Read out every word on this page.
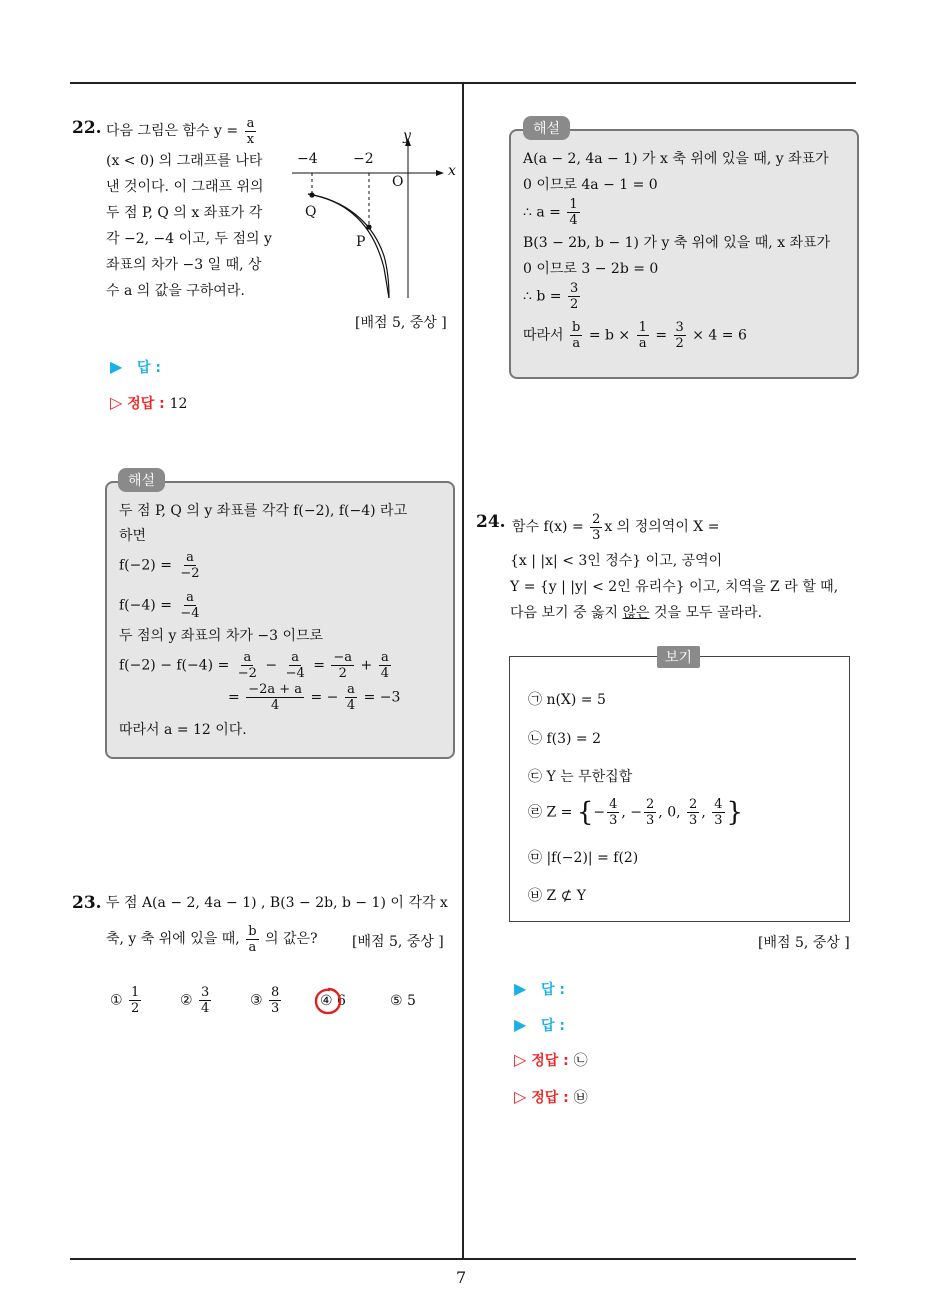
7
22. 다음 그림은 함수 $y = \frac{a}{x}$
(x < 0) 의 그래프를 나타
낸 것이다. 이 그래프 위의
두 점 P, Q 의 x 좌표가 각
각 −2, −4 이고, 두 점의 y
좌표의 차가 −3 일 때, 상
수 a 의 값을 구하여라.
y
x
−4	−2
O
Q
P
[배점 5, 중상 ]
▶ 답 :
▷ 정답 : 12
해설
두 점 P, Q 의 y 좌표를 각각 f(−2), f(−4) 라고
하면
$f(-2) = \frac{a}{-2}$
$f(-4) = \frac{a}{-4}$
두 점의 y 좌표의 차가 −3 이므로
$f(-2) - f(-4) = \frac{a}{-2} - \frac{a}{-4} = \frac{-a}{2} + \frac{a}{4}$
= $\frac{-2a + a}{4}$ = − $\frac{a}{4} = -3$
따라서 a = 12 이다.
23. 두 점 A(a − 2, 4a − 1) , B(3 − 2b, b − 1) 이 각각 x
축, y 축 위에 있을 때, $\frac{b}{a}$ 의 값은? [배점 5, 중상 ]
① $\frac{1}{2}$	② $\frac{3}{4}$	③ $\frac{8}{3}$	④ 6	⑤ 5
해설
A(a − 2, 4a − 1) 가 x 축 위에 있을 때, y 좌표가
0 이므로 4a − 1 = 0
∴ $a = \frac{1}{4}$
B(3 − 2b, b − 1) 가 y 축 위에 있을 때, x 좌표가
0 이므로 3 − 2b = 0
∴ $b = \frac{3}{2}$
따라서 $\frac{b}{a} = b \times \frac{1}{a} = \frac{3}{2} \times 4 = 6$
24. 함수 $f(x) = \frac{2}{3}$ x 의 정의역이 X =
{x | |x| < 3인 정수} 이고, 공역이
Y = {y | |y| < 2인 유리수} 이고, 치역을 Z 라 할 때,
다음 보기 중 옳지 않은 것을 모두 골라라.
㉠ n(X) = 5
㉡ f(3) = 2
㉢ Y 는 무한집합
㉣ Z = {− $\frac{4}{3}$ , − $\frac{2}{3}$ , 0, $\frac{2}{3}$ , $\frac{4}{3}$ }
㉤ |f(−2)| = f(2)
㉥ Z ⊄ Y
보기
[배점 5, 중상 ]
▶ 답 :
▶ 답 :
▷ 정답 : ㉡
▷ 정답 : ㉥
